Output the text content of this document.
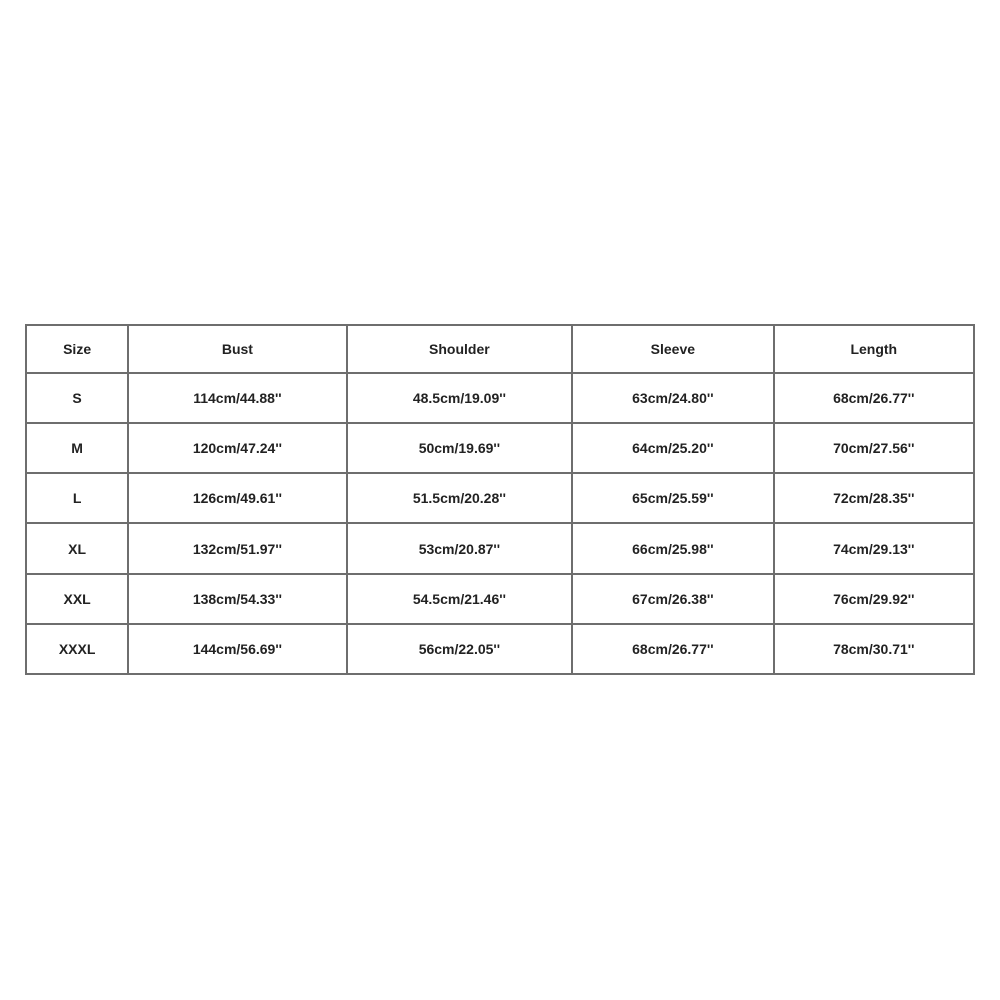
Size	Bust	Shoulder	Sleeve	Length
S	114cm/44.88''	48.5cm/19.09''	63cm/24.80''	68cm/26.77''
M	120cm/47.24''	50cm/19.69''	64cm/25.20''	70cm/27.56''
L	126cm/49.61''	51.5cm/20.28''	65cm/25.59''	72cm/28.35''
XL	132cm/51.97''	53cm/20.87''	66cm/25.98''	74cm/29.13''
XXL	138cm/54.33''	54.5cm/21.46''	67cm/26.38''	76cm/29.92''
XXXL	144cm/56.69''	56cm/22.05''	68cm/26.77''	78cm/30.71''
